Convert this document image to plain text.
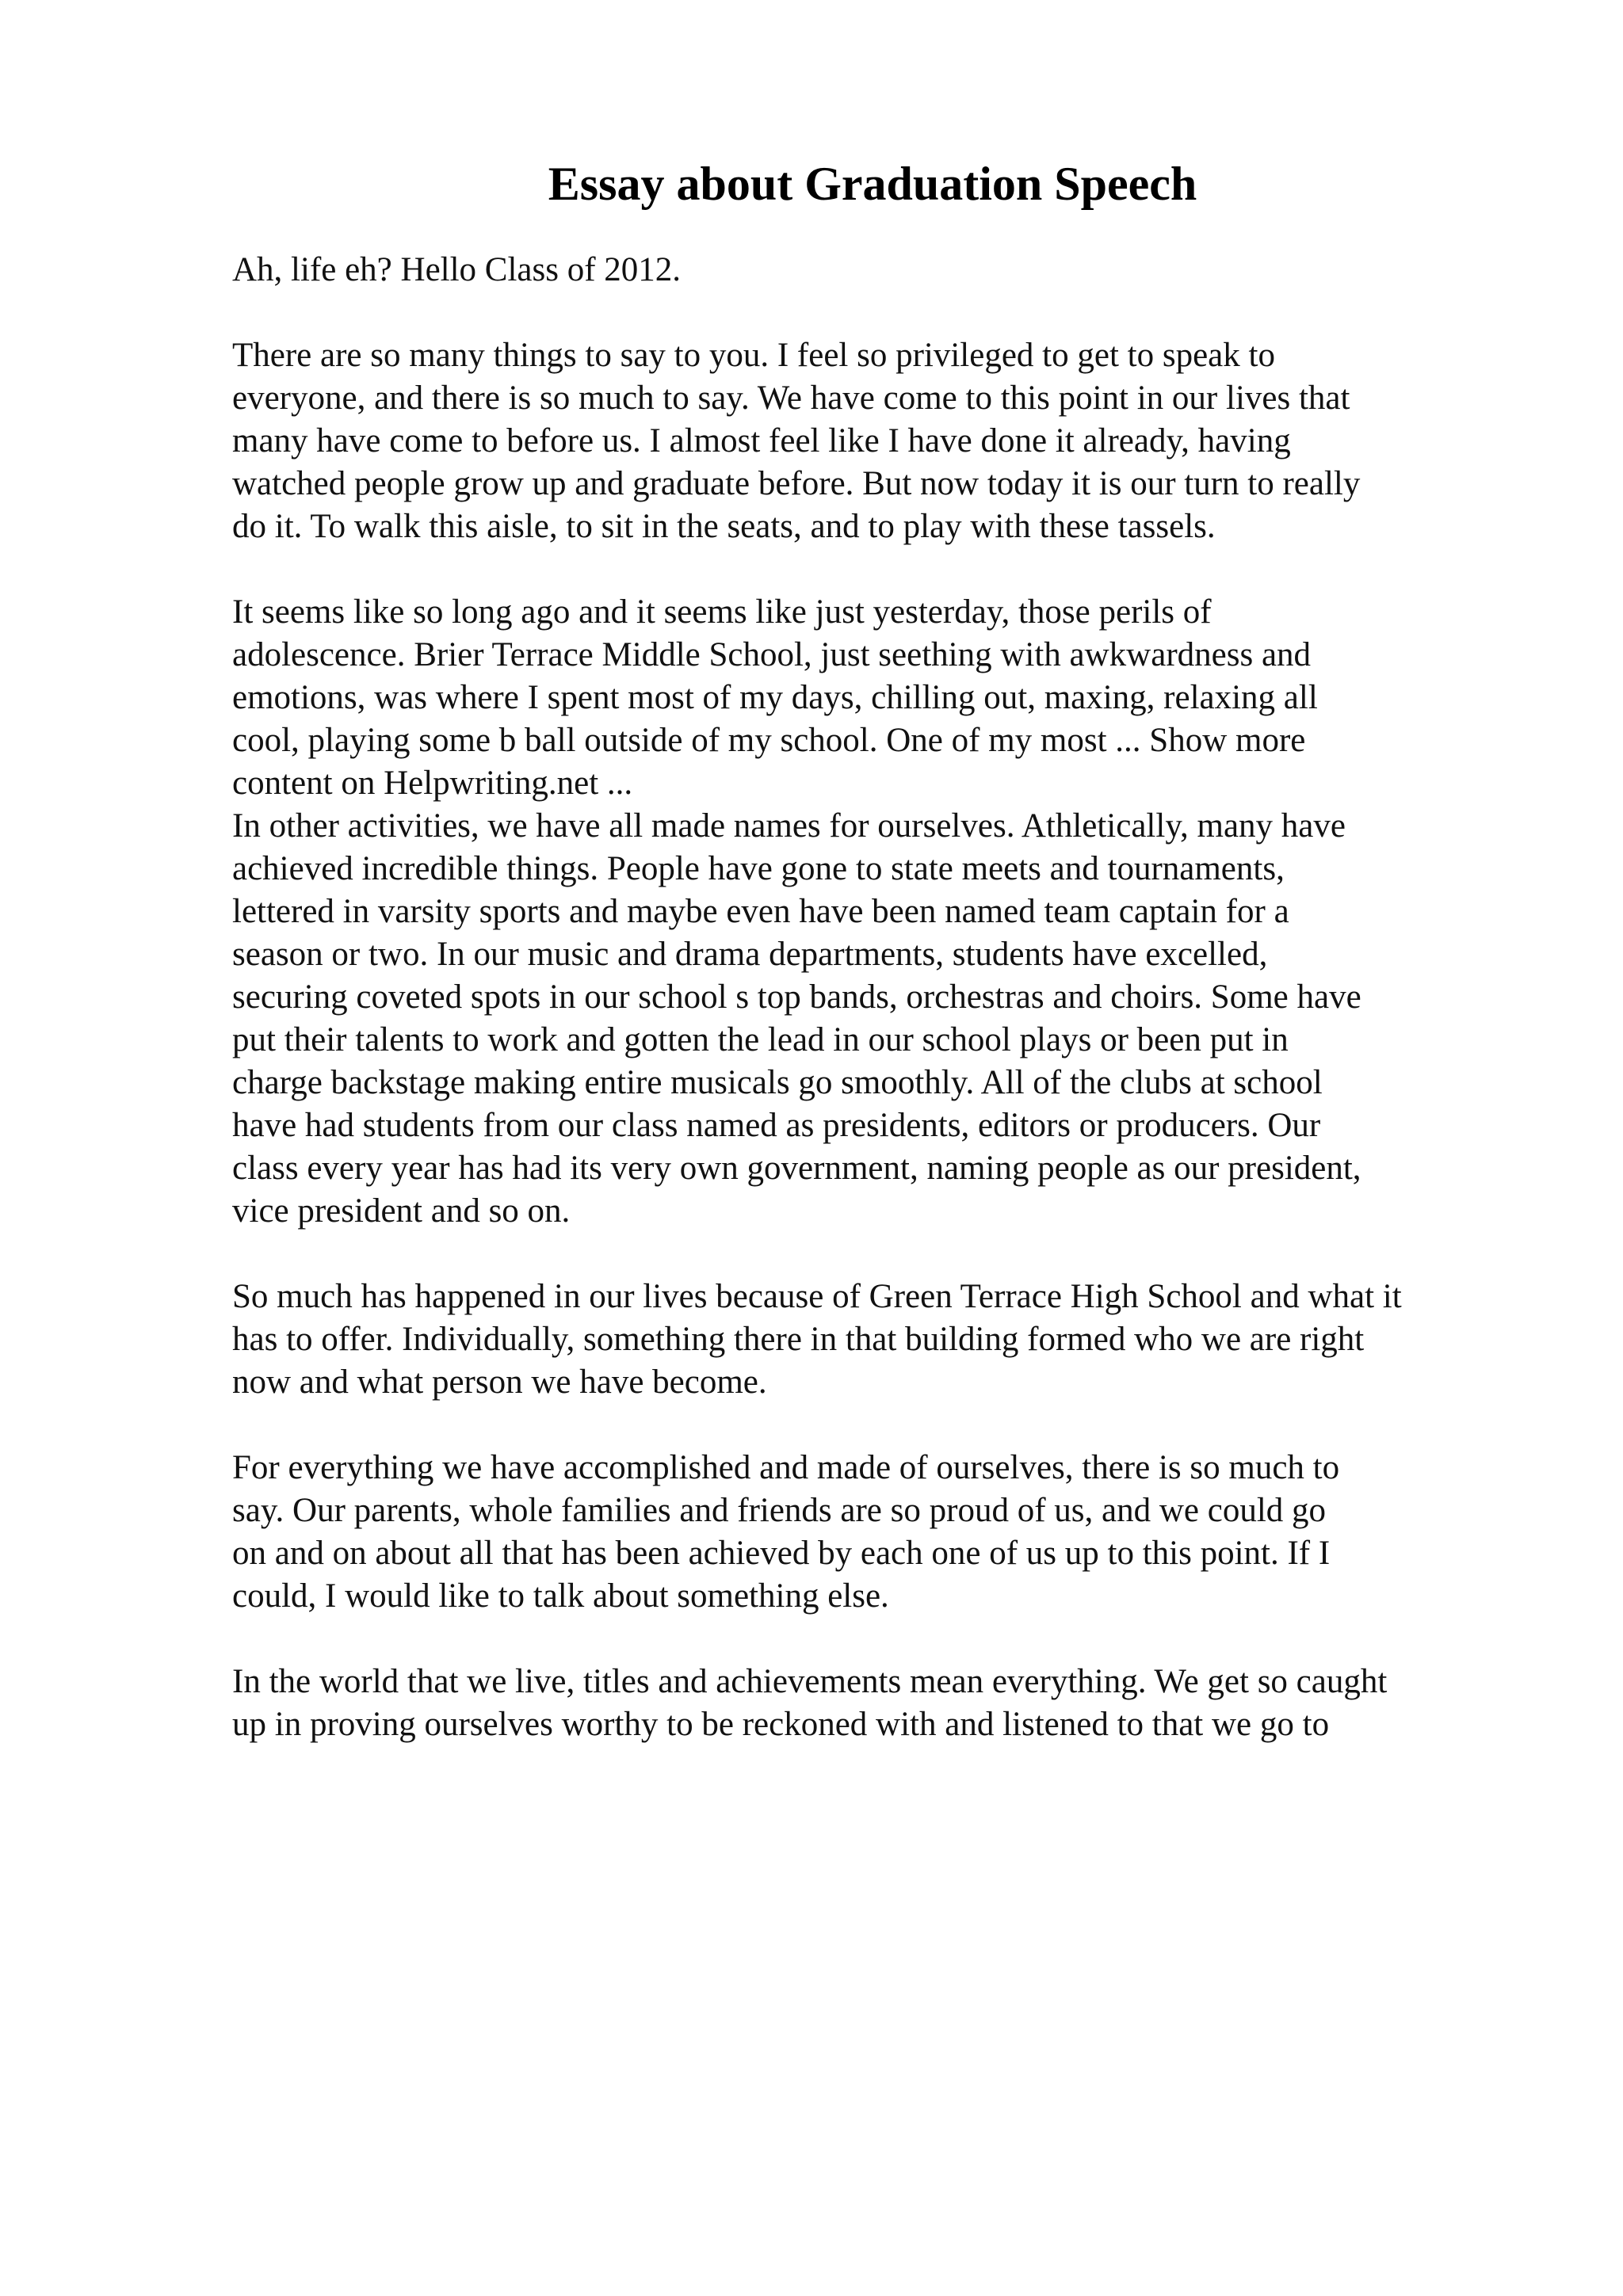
Essay about Graduation Speech

Ah, life eh? Hello Class of 2012.

There are so many things to say to you. I feel so privileged to get to speak to

everyone, and there is so much to say. We have come to this point in our lives that

many have come to before us. I almost feel like I have done it already, having

watched people grow up and graduate before. But now today it is our turn to really

do it. To walk this aisle, to sit in the seats, and to play with these tassels.

It seems like so long ago and it seems like just yesterday, those perils of

adolescence. Brier Terrace Middle School, just seething with awkwardness and

emotions, was where I spent most of my days, chilling out, maxing, relaxing all

cool, playing some b ball outside of my school. One of my most ... Show more

content on Helpwriting.net ...

In other activities, we have all made names for ourselves. Athletically, many have

achieved incredible things. People have gone to state meets and tournaments,

lettered in varsity sports and maybe even have been named team captain for a

season or two. In our music and drama departments, students have excelled,

securing coveted spots in our school s top bands, orchestras and choirs. Some have

put their talents to work and gotten the lead in our school plays or been put in

charge backstage making entire musicals go smoothly. All of the clubs at school

have had students from our class named as presidents, editors or producers. Our

class every year has had its very own government, naming people as our president,

vice president and so on.

So much has happened in our lives because of Green Terrace High School and what it

has to offer. Individually, something there in that building formed who we are right

now and what person we have become.

For everything we have accomplished and made of ourselves, there is so much to

say. Our parents, whole families and friends are so proud of us, and we could go

on and on about all that has been achieved by each one of us up to this point. If I

could, I would like to talk about something else.

In the world that we live, titles and achievements mean everything. We get so caught

up in proving ourselves worthy to be reckoned with and listened to that we go to
